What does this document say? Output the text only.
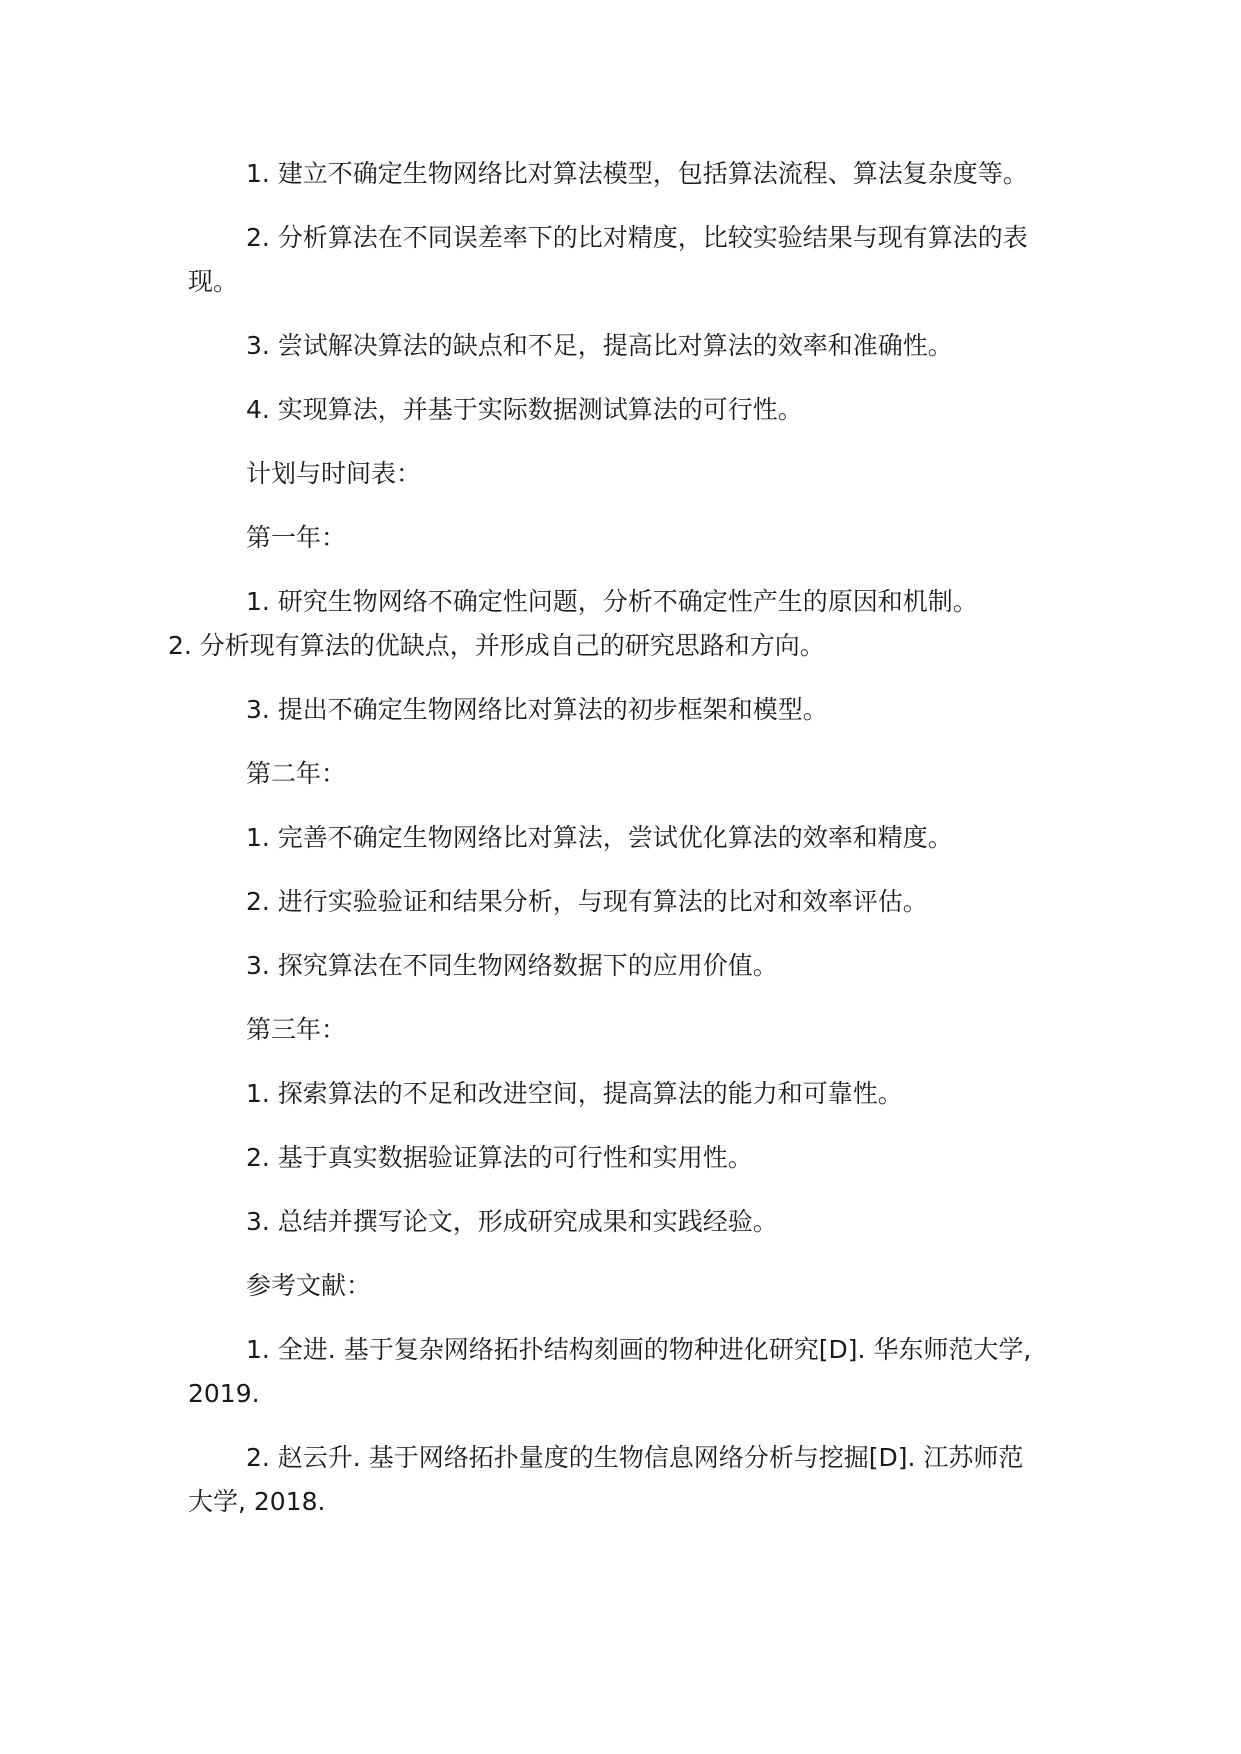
1. 建立不确定生物网络比对算法模型，包括算法流程、算法复杂度等。

2. 分析算法在不同误差率下的比对精度，比较实验结果与现有算法的表现。

3. 尝试解决算法的缺点和不足，提高比对算法的效率和准确性。

4. 实现算法，并基于实际数据测试算法的可行性。

计划与时间表：

第一年：

1. 研究生物网络不确定性问题，分析不确定性产生的原因和机制。

2. 分析现有算法的优缺点，并形成自己的研究思路和方向。

3. 提出不确定生物网络比对算法的初步框架和模型。

第二年：

1. 完善不确定生物网络比对算法，尝试优化算法的效率和精度。

2. 进行实验验证和结果分析，与现有算法的比对和效率评估。

3. 探究算法在不同生物网络数据下的应用价值。

第三年：

1. 探索算法的不足和改进空间，提高算法的能力和可靠性。

2. 基于真实数据验证算法的可行性和实用性。

3. 总结并撰写论文，形成研究成果和实践经验。

参考文献：

1. 全进. 基于复杂网络拓扑结构刻画的物种进化研究[D]. 华东师范大学, 2019.

2. 赵云升. 基于网络拓扑量度的生物信息网络分析与挖掘[D]. 江苏师范大学, 2018.
